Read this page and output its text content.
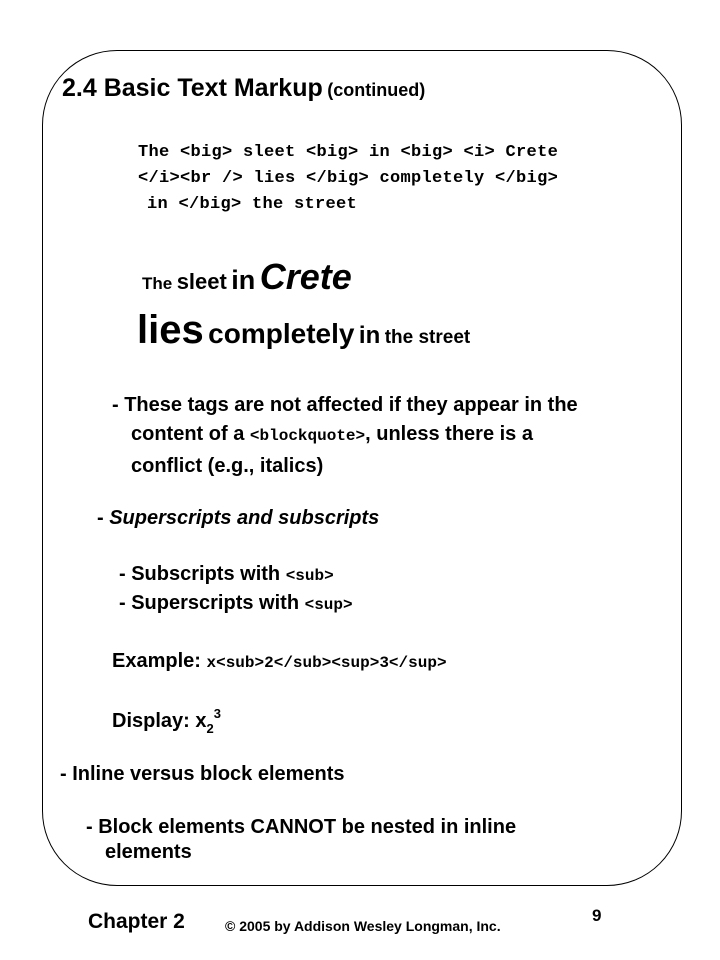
2.4 Basic Text Markup (continued)
The <big> sleet <big> in <big> <i> Crete
</i><br /> lies </big> completely </big>
in </big> the street
The sleet in Crete
lies completely in the street
- These tags are not affected if they appear in the
content of a <blockquote>, unless there is a
conflict (e.g., italics)
- Superscripts and subscripts
- Subscripts with <sub>
- Superscripts with <sup>
Example: x<sub>2</sub><sup>3</sup>
Display: $x_2^3$
- Inline versus block elements
- Block elements CANNOT be nested in inline
elements
Chapter 2	© 2005 by Addison Wesley Longman, Inc.
9
